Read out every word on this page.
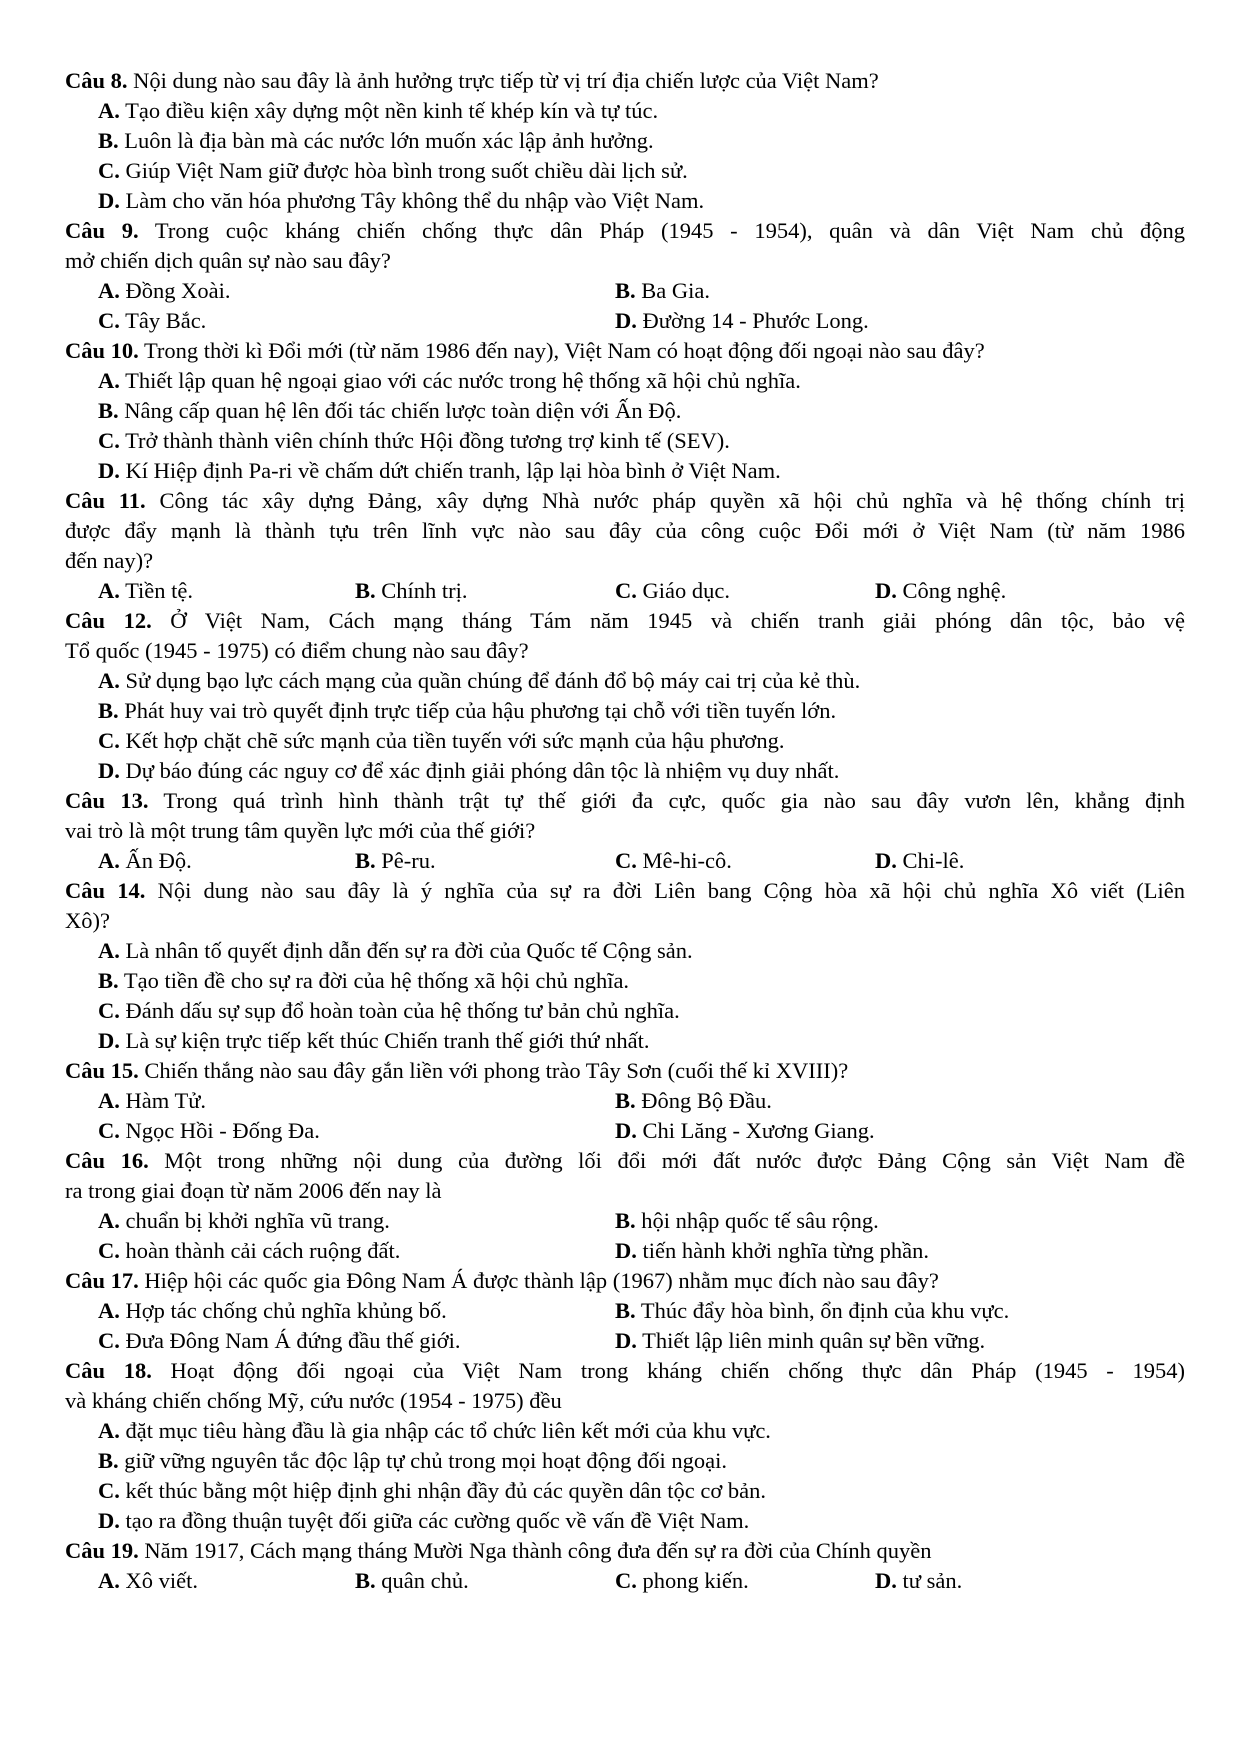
Câu 8. Nội dung nào sau đây là ảnh hưởng trực tiếp từ vị trí địa chiến lược của Việt Nam?
A. Tạo điều kiện xây dựng một nền kinh tế khép kín và tự túc.
B. Luôn là địa bàn mà các nước lớn muốn xác lập ảnh hưởng.
C. Giúp Việt Nam giữ được hòa bình trong suốt chiều dài lịch sử.
D. Làm cho văn hóa phương Tây không thể du nhập vào Việt Nam.
Câu 9. Trong cuộc kháng chiến chống thực dân Pháp (1945 - 1954), quân và dân Việt Nam chủ động
mở chiến dịch quân sự nào sau đây?
A. Đồng Xoài.	B. Ba Gia.
C. Tây Bắc.	D. Đường 14 - Phước Long.
Câu 10. Trong thời kì Đổi mới (từ năm 1986 đến nay), Việt Nam có hoạt động đối ngoại nào sau đây?
A. Thiết lập quan hệ ngoại giao với các nước trong hệ thống xã hội chủ nghĩa.
B. Nâng cấp quan hệ lên đối tác chiến lược toàn diện với Ấn Độ.
C. Trở thành thành viên chính thức Hội đồng tương trợ kinh tế (SEV).
D. Kí Hiệp định Pa-ri về chấm dứt chiến tranh, lập lại hòa bình ở Việt Nam.
Câu 11. Công tác xây dựng Đảng, xây dựng Nhà nước pháp quyền xã hội chủ nghĩa và hệ thống chính trị
được đẩy mạnh là thành tựu trên lĩnh vực nào sau đây của công cuộc Đổi mới ở Việt Nam (từ năm 1986
đến nay)?
A. Tiền tệ.	B. Chính trị.	C. Giáo dục.	D. Công nghệ.
Câu 12. Ở Việt Nam, Cách mạng tháng Tám năm 1945 và chiến tranh giải phóng dân tộc, bảo vệ
Tổ quốc (1945 - 1975) có điểm chung nào sau đây?
A. Sử dụng bạo lực cách mạng của quần chúng để đánh đổ bộ máy cai trị của kẻ thù.
B. Phát huy vai trò quyết định trực tiếp của hậu phương tại chỗ với tiền tuyến lớn.
C. Kết hợp chặt chẽ sức mạnh của tiền tuyến với sức mạnh của hậu phương.
D. Dự báo đúng các nguy cơ để xác định giải phóng dân tộc là nhiệm vụ duy nhất.
Câu 13. Trong quá trình hình thành trật tự thế giới đa cực, quốc gia nào sau đây vươn lên, khẳng định
vai trò là một trung tâm quyền lực mới của thế giới?
A. Ấn Độ.	B. Pê-ru.	C. Mê-hi-cô.	D. Chi-lê.
Câu 14. Nội dung nào sau đây là ý nghĩa của sự ra đời Liên bang Cộng hòa xã hội chủ nghĩa Xô viết (Liên
Xô)?
A. Là nhân tố quyết định dẫn đến sự ra đời của Quốc tế Cộng sản.
B. Tạo tiền đề cho sự ra đời của hệ thống xã hội chủ nghĩa.
C. Đánh dấu sự sụp đổ hoàn toàn của hệ thống tư bản chủ nghĩa.
D. Là sự kiện trực tiếp kết thúc Chiến tranh thế giới thứ nhất.
Câu 15. Chiến thắng nào sau đây gắn liền với phong trào Tây Sơn (cuối thế kỉ XVIII)?
A. Hàm Tử.	B. Đông Bộ Đầu.
C. Ngọc Hồi - Đống Đa.	D. Chi Lăng - Xương Giang.
Câu 16. Một trong những nội dung của đường lối đổi mới đất nước được Đảng Cộng sản Việt Nam đề
ra trong giai đoạn từ năm 2006 đến nay là
A. chuẩn bị khởi nghĩa vũ trang.	B. hội nhập quốc tế sâu rộng.
C. hoàn thành cải cách ruộng đất.	D. tiến hành khởi nghĩa từng phần.
Câu 17. Hiệp hội các quốc gia Đông Nam Á được thành lập (1967) nhằm mục đích nào sau đây?
A. Hợp tác chống chủ nghĩa khủng bố.	B. Thúc đẩy hòa bình, ổn định của khu vực.
C. Đưa Đông Nam Á đứng đầu thế giới.	D. Thiết lập liên minh quân sự bền vững.
Câu 18. Hoạt động đối ngoại của Việt Nam trong kháng chiến chống thực dân Pháp (1945 - 1954)
và kháng chiến chống Mỹ, cứu nước (1954 - 1975) đều
A. đặt mục tiêu hàng đầu là gia nhập các tổ chức liên kết mới của khu vực.
B. giữ vững nguyên tắc độc lập tự chủ trong mọi hoạt động đối ngoại.
C. kết thúc bằng một hiệp định ghi nhận đầy đủ các quyền dân tộc cơ bản.
D. tạo ra đồng thuận tuyệt đối giữa các cường quốc về vấn đề Việt Nam.
Câu 19. Năm 1917, Cách mạng tháng Mười Nga thành công đưa đến sự ra đời của Chính quyền
A. Xô viết.	B. quân chủ.	C. phong kiến.	D. tư sản.
